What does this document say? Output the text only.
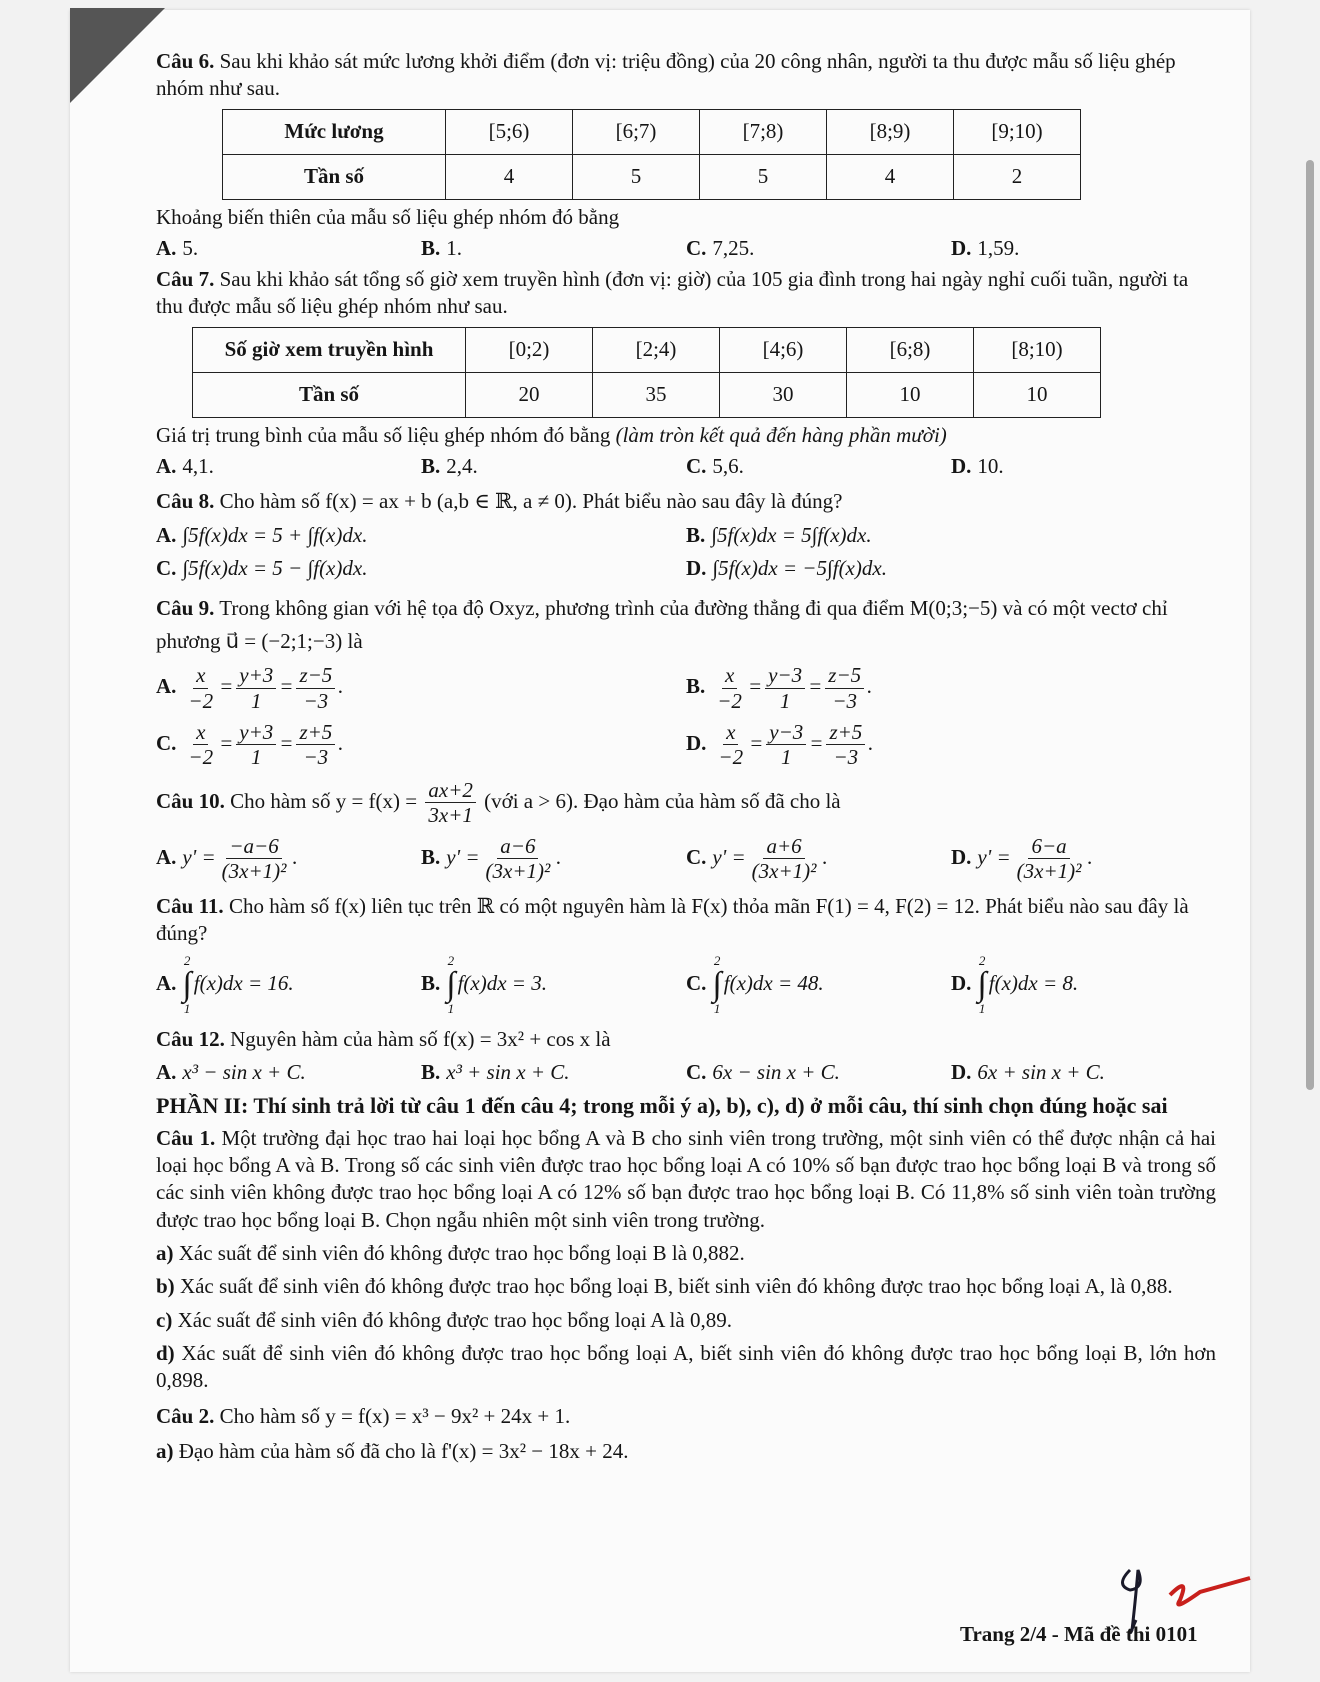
Câu 6. Sau khi khảo sát mức lương khởi điểm (đơn vị: triệu đồng) của 20 công nhân, người ta thu được mẫu số liệu ghép nhóm như sau.
Mức lương	[5;6)	[6;7)	[7;8)	[8;9)	[9;10)
Tần số	4	5	5	4	2
Khoảng biến thiên của mẫu số liệu ghép nhóm đó bằng
A. 5.	B. 1.	C. 7,25.	D. 1,59.
Câu 7. Sau khi khảo sát tổng số giờ xem truyền hình (đơn vị: giờ) của 105 gia đình trong hai ngày nghỉ cuối tuần, người ta thu được mẫu số liệu ghép nhóm như sau.
Số giờ xem truyền hình	[0;2)	[2;4)	[4;6)	[6;8)	[8;10)
Tần số	20	35	30	10	10
Giá trị trung bình của mẫu số liệu ghép nhóm đó bằng (làm tròn kết quả đến hàng phần mười)
A. 4,1.	B. 2,4.	C. 5,6.	D. 10.
Câu 8. Cho hàm số f(x) = ax + b (a,b ∈ ℝ, a ≠ 0). Phát biểu nào sau đây là đúng?
A. ∫5f(x)dx = 5 + ∫f(x)dx.	B. ∫5f(x)dx = 5∫f(x)dx.
C. ∫5f(x)dx = 5 − ∫f(x)dx.	D. ∫5f(x)dx = −5∫f(x)dx.
Câu 9. Trong không gian với hệ tọa độ Oxyz, phương trình của đường thẳng đi qua điểm M(0;3;−5) và có một vectơ chỉ phương u⃗ = (−2;1;−3) là
A. $\frac{x}{-2} = \frac{y+3}{1} = \frac{z-5}{-3}$ .	B. $\frac{x}{-2} = \frac{y-3}{1} = \frac{z-5}{-3}$ .
C. $\frac{x}{-2} = \frac{y+3}{1} = \frac{z+5}{-3}$ .	D. $\frac{x}{-2} = \frac{y-3}{1} = \frac{z+5}{-3}$ .
Câu 10. Cho hàm số $y = f(x) = \frac{ax+2}{3x+1}$ (với a > 6). Đạo hàm của hàm số đã cho là
A. $y' = \frac{-a-6}{\text{(3x+1)²}}$ .	B. $y' = \frac{a-6}{\text{(3x+1)²}}$ .	C. $y' = \frac{a+6}{\text{(3x+1)²}}$ .	D. $y' = \frac{6-a}{\text{(3x+1)²}}$ .
Câu 11. Cho hàm số f(x) liên tục trên ℝ có một nguyên hàm là F(x) thỏa mãn F(1) = 4, F(2) = 12. Phát biểu nào sau đây là đúng?
A.
2
∫
1
f(x)dx = 16.	B.
2
∫
1
f(x)dx = 3.	C.
2
∫
1
f(x)dx = 48.	D.
2
∫
1
f(x)dx = 8.
Câu 12. Nguyên hàm của hàm số f(x) = 3x² + cos x là
A. x³ − sin x + C.	B. x³ + sin x + C.	C. 6x − sin x + C.	D. 6x + sin x + C.
PHẦN II: Thí sinh trả lời từ câu 1 đến câu 4; trong mỗi ý a), b), c), d) ở mỗi câu, thí sinh chọn đúng hoặc sai
Câu 1. Một trường đại học trao hai loại học bổng A và B cho sinh viên trong trường, một sinh viên có thể được nhận cả hai loại học bổng A và B. Trong số các sinh viên được trao học bổng loại A có 10% số bạn được trao học bổng loại B và trong số các sinh viên không được trao học bổng loại A có 12% số bạn được trao học bổng loại B. Có 11,8% số sinh viên toàn trường được trao học bổng loại B. Chọn ngẫu nhiên một sinh viên trong trường.
a) Xác suất để sinh viên đó không được trao học bổng loại B là 0,882.
b) Xác suất để sinh viên đó không được trao học bổng loại B, biết sinh viên đó không được trao học bổng loại A, là 0,88.
c) Xác suất để sinh viên đó không được trao học bổng loại A là 0,89.
d) Xác suất để sinh viên đó không được trao học bổng loại A, biết sinh viên đó không được trao học bổng loại B, lớn hơn 0,898.
Câu 2. Cho hàm số y = f(x) = x³ − 9x² + 24x + 1.
a) Đạo hàm của hàm số đã cho là f'(x) = 3x² − 18x + 24.
Trang 2/4 - Mã đề thi 0101
